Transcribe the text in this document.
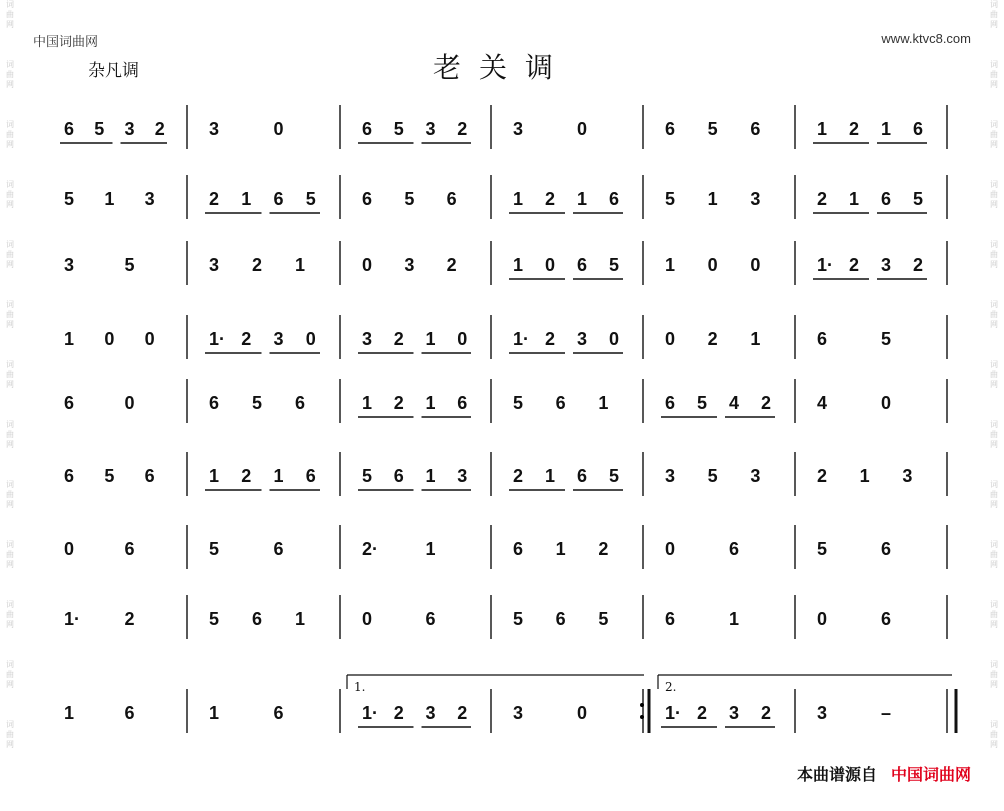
词
曲
网
词
曲
网
词
曲
网
词
曲
网
词
曲
网
词
曲
网
词
曲
网
词
曲
网
词
曲
网
词
曲
网
词
曲
网
词
曲
网
词
曲
网
词
曲
网
词
曲
网
词
曲
网
词
曲
网
词
曲
网
词
曲
网
词
曲
网
词
曲
网
词
曲
网
词
曲
网
词
曲
网
词
曲
网
词
曲
网
中国词曲网	www.ktvc8.com
杂凡调	老关调
6 5 3 2 3	0	6 5 3 2	3	0	6 5 6	1 2 1 6
5 1 3	2 1 6 5	6 5 6	1 2 1 6	5 1 3	2 1 6 5
3	5	3 2 1	0 3 2	1 0 6 5	1 0 0	1· 2 3 2
1 0 0	1· 2 3 0	3 2 1 0	1· 2 3 0	0 2 1	6	5
6	0	6 5 6	1 2 1 6	5 6 1	6 5 4 2	4	0
6 5 6	1 2 1 6	5 6 1 3	2 1 6 5	3 5 3	2 1 3
0	6	5	6	2·	1	6 1 2	0	6	5	6
1· 2	5 6 1	0	6	5 6 5	6	1	0	6
1	6	1	6	1· 2 3 2	3	0	1· 2 3 2	3	–
1.	2.
本曲谱源自 中国词曲网
